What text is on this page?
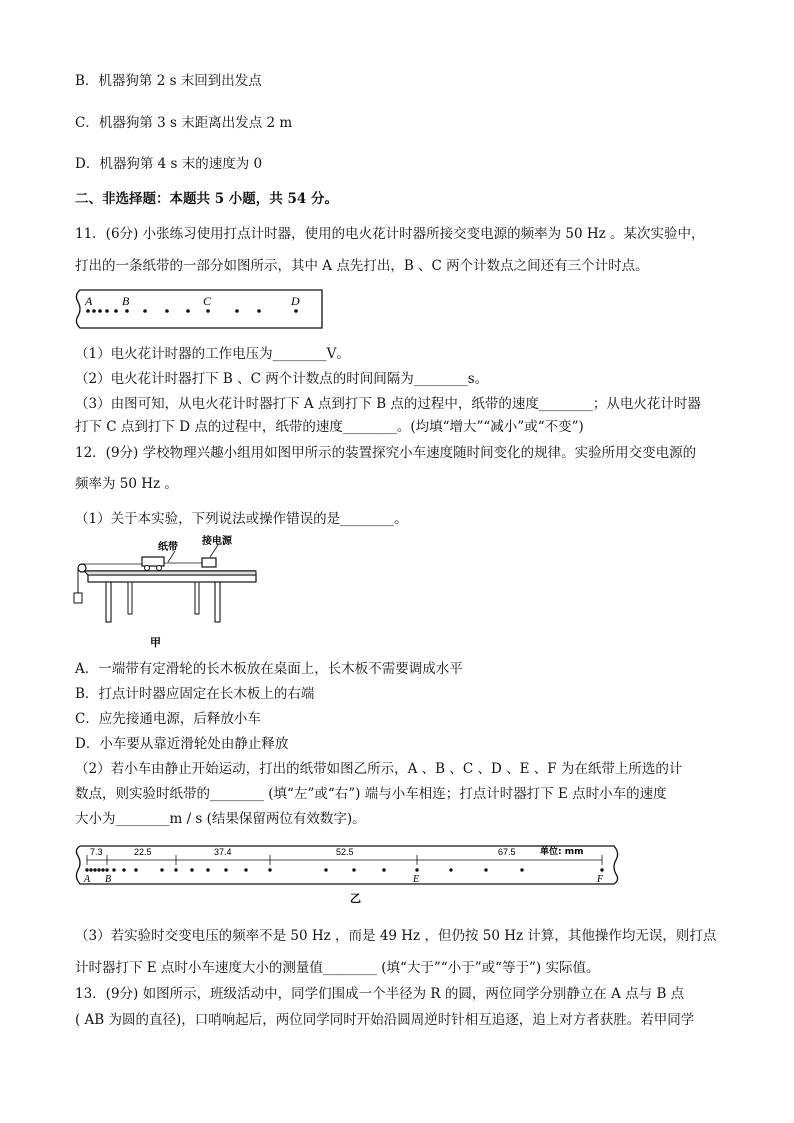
B．机器狗第 2 s 末回到出发点
C．机器狗第 3 s 末距离出发点 2 m
D．机器狗第 4 s 末的速度为 0
二、非选择题：本题共 5 小题，共 54 分。
11．(6分) 小张练习使用打点计时器，使用的电火花计时器所接交变电源的频率为 50 Hz 。某次实验中，
打出的一条纸带的一部分如图所示，其中 A 点先打出，B 、C 两个计数点之间还有三个计时点。
A B	C	D
（1）电火花计时器的工作电压为________V。
（2）电火花计时器打下 B 、C 两个计数点的时间间隔为________s。
（3）由图可知，从电火花计时器打下 A 点到打下 B 点的过程中，纸带的速度________；从电火花计时器
打下 C 点到打下 D 点的过程中，纸带的速度________。(均填“增大”“减小”或“不变”)
12．(9分) 学校物理兴趣小组用如图甲所示的装置探究小车速度随时间变化的规律。实验所用交变电源的
频率为 50 Hz 。
（1）关于本实验，下列说法或操作错误的是________。
纸带
接电源
甲
A．一端带有定滑轮的长木板放在桌面上，长木板不需要调成水平
B．打点计时器应固定在长木板上的右端
C．应先接通电源，后释放小车
D．小车要从靠近滑轮处由静止释放
（2）若小车由静止开始运动，打出的纸带如图乙所示，A 、B 、C 、D 、E 、F 为在纸带上所选的计
数点，则实验时纸带的________ (填“左”或“右”) 端与小车相连；打点计时器打下 E 点时小车的速度
大小为________m / s (结果保留两位有效数字)。
7.3	22.5	37.4	52.5	67.5	单位: mm
A B	E	F
乙
（3）若实验时交变电压的频率不是 50 Hz ，而是 49 Hz ，但仍按 50 Hz 计算，其他操作均无误，则打点
计时器打下 E 点时小车速度大小的测量值________ (填“大于”“小于”或“等于”) 实际值。
13．(9分) 如图所示，班级活动中，同学们围成一个半径为 R 的圆，两位同学分别静立在 A 点与 B 点
( AB 为圆的直径)，口哨响起后，两位同学同时开始沿圆周逆时针相互追逐，追上对方者获胜。若甲同学
